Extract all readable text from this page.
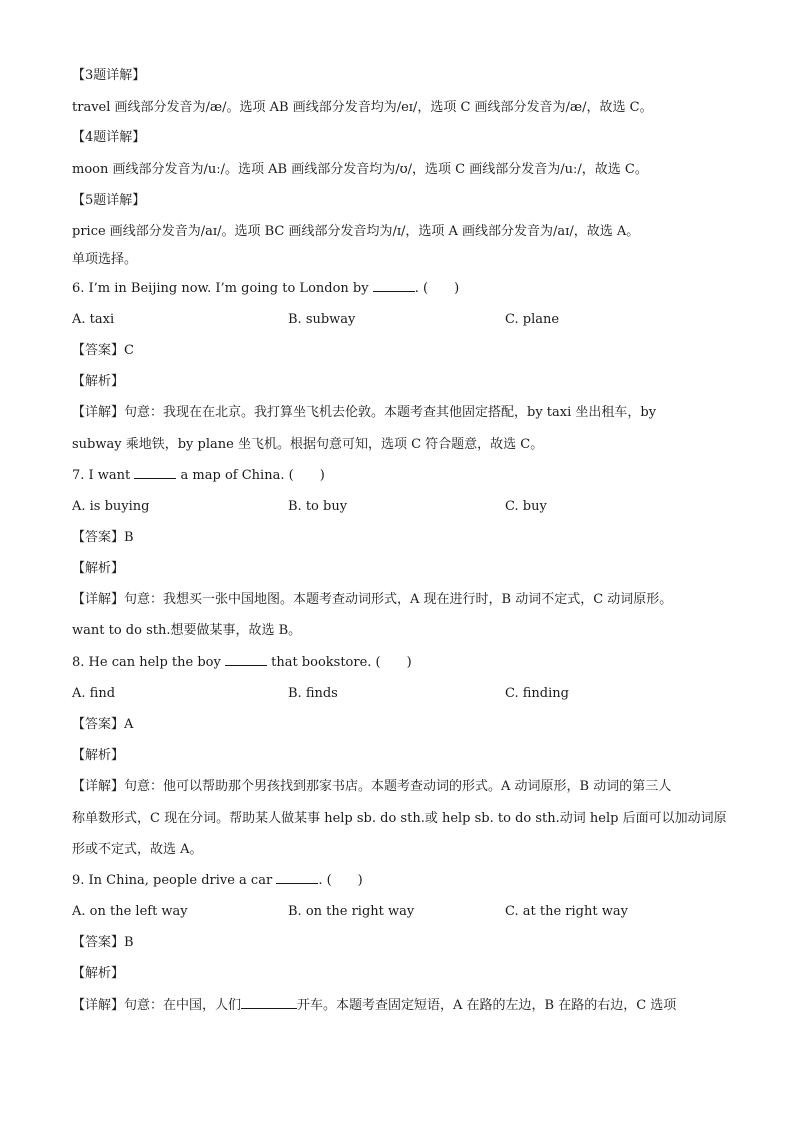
【3题详解】
travel 画线部分发音为/æ/。选项 AB 画线部分发音均为/eɪ/，选项 C 画线部分发音为/æ/，故选 C。
【4题详解】
moon 画线部分发音为/uː/。选项 AB 画线部分发音均为/ʊ/，选项 C 画线部分发音为/uː/，故选 C。
【5题详解】
price 画线部分发音为/aɪ/。选项 BC 画线部分发音均为/ɪ/，选项 A 画线部分发音为/aɪ/，故选 A。
单项选择。
6. I’m in Beijing now. I’m going to London by	. ( )
A. taxi	B. subway	C. plane
【答案】C
【解析】
【详解】句意：我现在在北京。我打算坐飞机去伦敦。本题考查其他固定搭配，by taxi 坐出租车，by
subway 乘地铁，by plane 坐飞机。根据句意可知，选项 C 符合题意，故选 C。
7. I want	a map of China. ( )
A. is buying	B. to buy	C. buy
【答案】B
【解析】
【详解】句意：我想买一张中国地图。本题考查动词形式，A 现在进行时，B 动词不定式，C 动词原形。
want to do sth.想要做某事，故选 B。
8. He can help the boy	that bookstore. ( )
A. find	B. finds	C. finding
【答案】A
【解析】
【详解】句意：他可以帮助那个男孩找到那家书店。本题考查动词的形式。A 动词原形，B 动词的第三人
称单数形式，C 现在分词。帮助某人做某事 help sb. do sth.或 help sb. to do sth.动词 help 后面可以加动词原
形或不定式，故选 A。
9. In China, people drive a car	. ( )
A. on the left way	B. on the right way	C. at the right way
【答案】B
【解析】
【详解】句意：在中国，人们	开车。本题考查固定短语，A 在路的左边，B 在路的右边，C 选项
